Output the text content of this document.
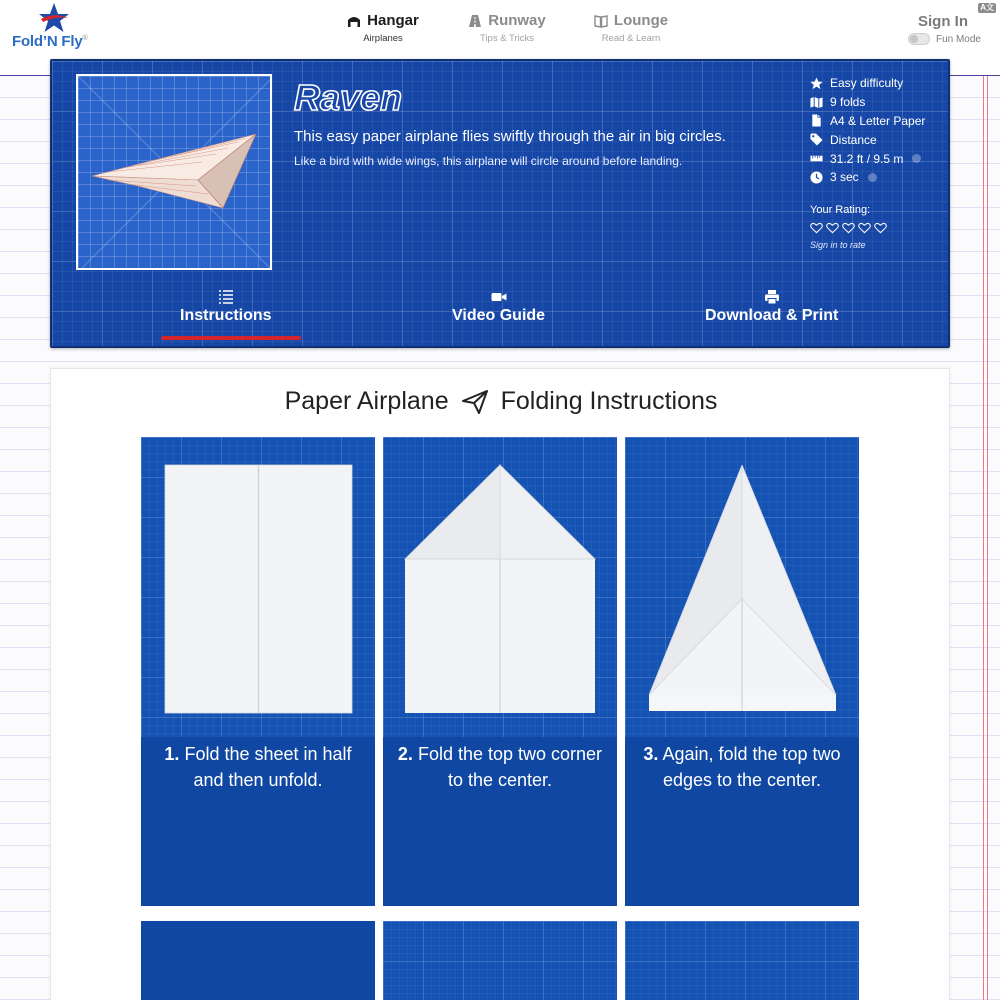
Fold’N Fly®
Hangar
Airplanes
Runway
Tips & Tricks
Lounge
Read & Learn
A文
Sign In
Fun Mode
Raven
This easy paper airplane flies swiftly through the air in big circles.
Like a bird with wide wings, this airplane will circle around before landing.
Easy difficulty
9 folds
A4 & Letter Paper
Distance
31.2 ft / 9.5 m
3 sec
Your Rating:
Sign in to rate
Instructions	Video Guide	Download & Print
Paper Airplane Folding Instructions
1. Fold the sheet in half and then unfold.
2. Fold the top two corner to the center.
3. Again, fold the top two edges to the center.
